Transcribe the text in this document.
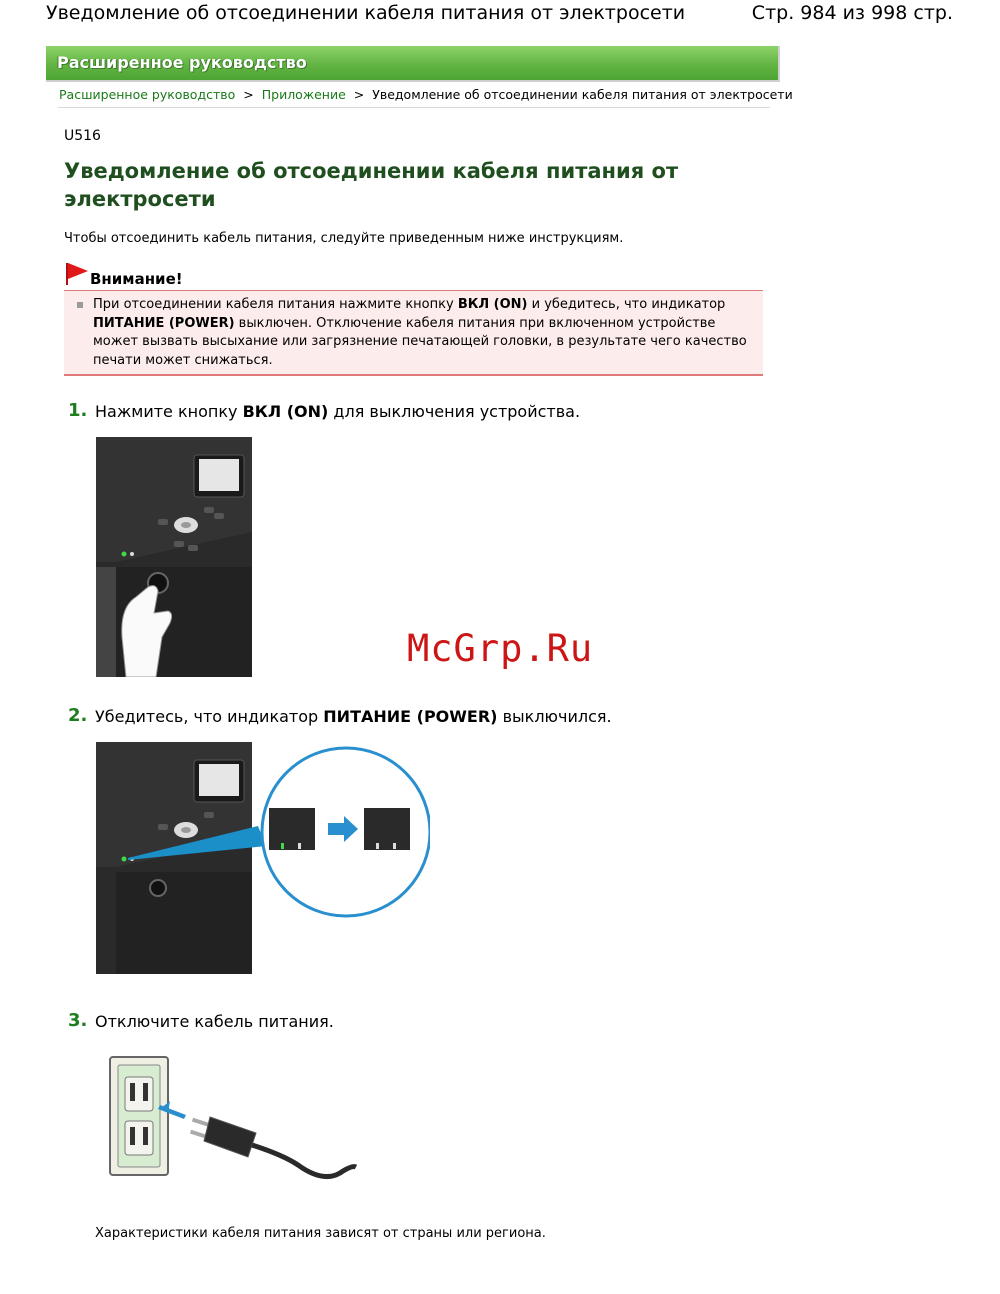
Уведомление об отсоединении кабеля питания от электросети	Стр. 984 из 998 стр.
Расширенное руководство
Расширенное руководство > Приложение > Уведомление об отсоединении кабеля питания от электросети
U516
Уведомление об отсоединении кабеля питания от электросети
Чтобы отсоединить кабель питания, следуйте приведенным ниже инструкциям.
Внимание!
При отсоединении кабеля питания нажмите кнопку ВКЛ (ON) и убедитесь, что индикатор ПИТАНИЕ (POWER) выключен. Отключение кабеля питания при включенном устройстве может вызвать высыхание или загрязнение печатающей головки, в результате чего качество печати может снижаться.
1. Нажмите кнопку ВКЛ (ON) для выключения устройства.
2. Убедитесь, что индикатор ПИТАНИЕ (POWER) выключился.
McGrp.Ru
3. Отключите кабель питания.
Характеристики кабеля питания зависят от страны или региона.
